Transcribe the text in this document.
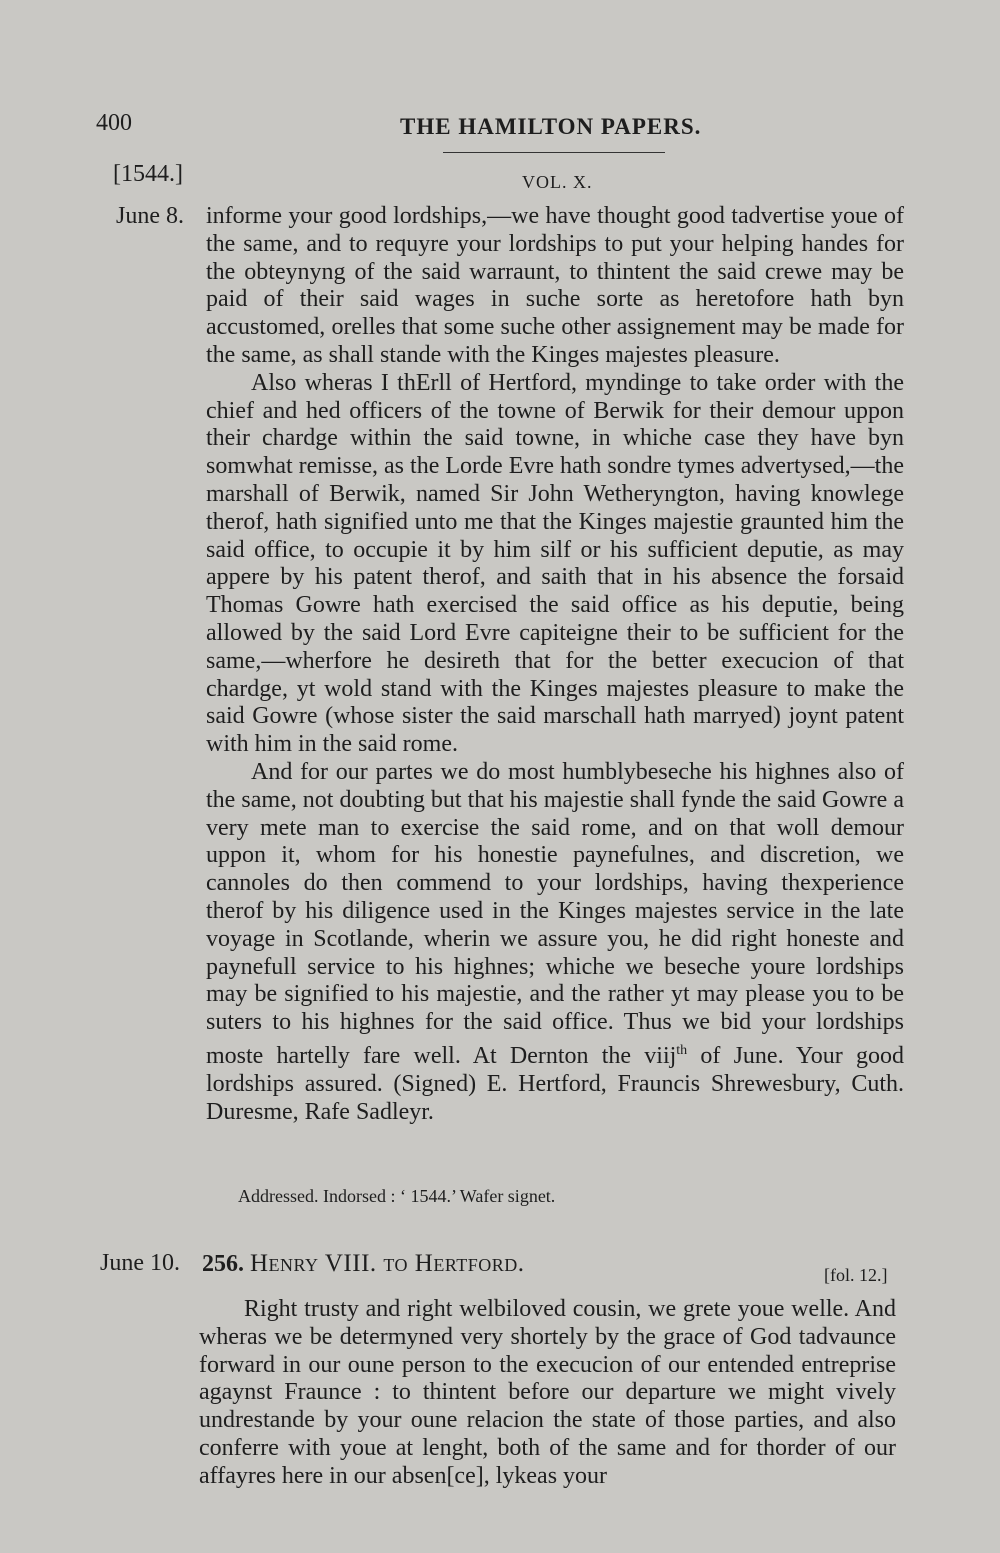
400	THE HAMILTON PAPERS.
[1544.]	VOL. X.
June 8. informe your good lordships,—we have thought good tadvertise youe of the same, and to requyre your lordships to put your helping handes for the obteynyng of the said warraunt, to thintent the said crewe may be paid of their said wages in suche sorte as heretofore hath byn accustomed, orelles that some suche other assignement may be made for the same, as shall stande with the Kinges majestes pleasure.

Also wheras I thErll of Hertford, myndinge to take order with the chief and hed officers of the towne of Berwik for their demour uppon their chardge within the said towne, in whiche case they have byn somwhat remisse, as the Lorde Evre hath sondre tymes advertysed,—the marshall of Berwik, named Sir John Wetheryngton, having knowlege therof, hath signified unto me that the Kinges majestie graunted him the said office, to occupie it by him silf or his sufficient deputie, as may appere by his patent therof, and saith that in his absence the forsaid Thomas Gowre hath exercised the said office as his deputie, being allowed by the said Lord Evre capiteigne their to be sufficient for the same,—wherfore he desireth that for the better execucion of that chardge, yt wold stand with the Kinges majestes pleasure to make the said Gowre (whose sister the said marschall hath marryed) joynt patent with him in the said rome.

And for our partes we do most humblybeseche his highnes also of the same, not doubting but that his majestie shall fynde the said Gowre a very mete man to exercise the said rome, and on that woll demour uppon it, whom for his honestie paynefulnes, and discretion, we cannoles do then commend to your lordships, having thexperience therof by his diligence used in the Kinges majestes service in the late voyage in Scotlande, wherin we assure you, he did right honeste and paynefull service to his highnes; whiche we beseche youre lordships may be signified to his majestie, and the rather yt may please you to be suters to his highnes for the said office. Thus we bid your lordships moste hartelly fare well. At Dernton the viij$^{th}$ of June. Your good lordships assured. (Signed) E. Hertford, Frauncis Shrewesbury, Cuth. Duresme, Rafe Sadleyr.

Addressed. Indorsed : ‘ 1544.’ Wafer signet.
June 10. 256. Henry VIII. to Hertford.	[fol. 12.]

Right trusty and right welbiloved cousin, we grete youe welle. And wheras we be determyned very shortely by the grace of God tadvaunce forward in our oune person to the execucion of our entended entreprise agaynst Fraunce : to thintent before our departure we might vively undrestande by your oune relacion the state of those parties, and also conferre with youe at lenght, both of the same and for thorder of our affayres here in our absen[ce], lykeas your
